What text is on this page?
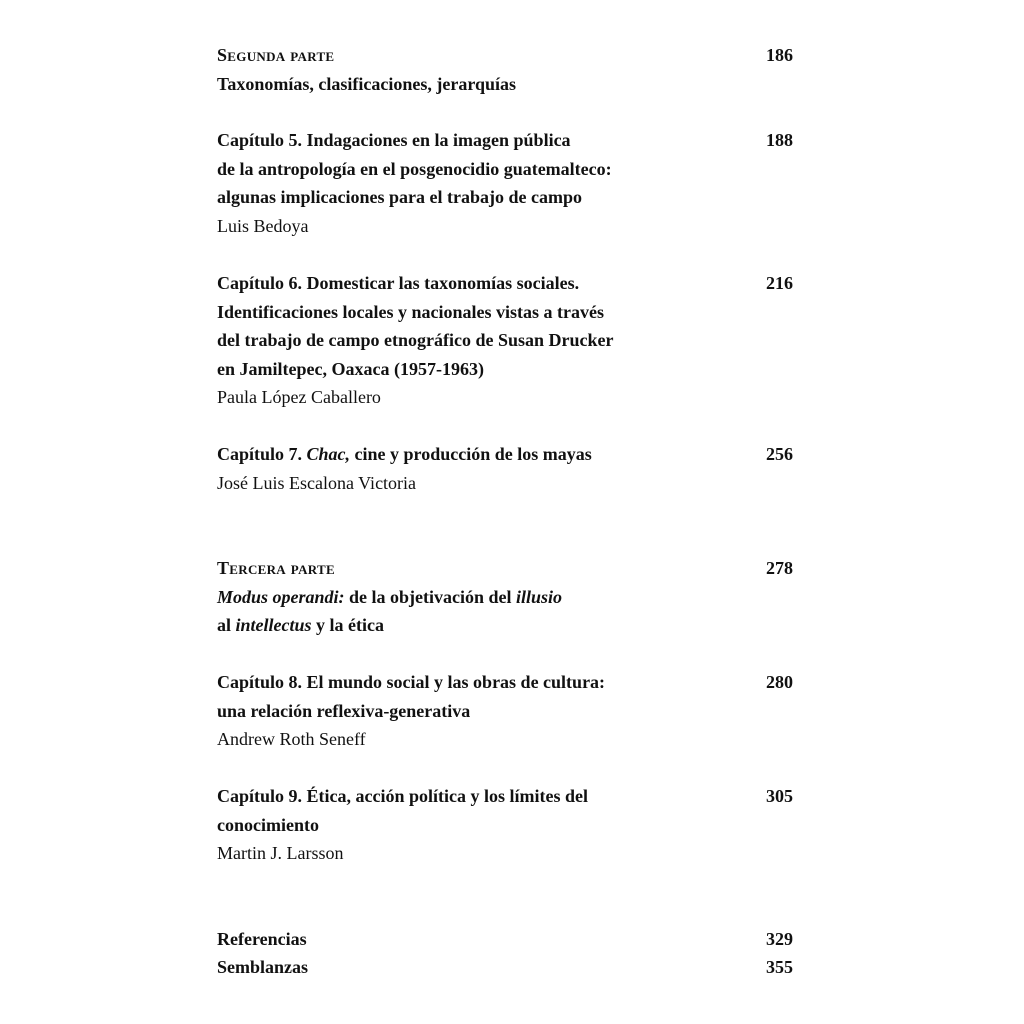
Segunda parte
Taxonomías, clasificaciones, jerarquías
186
Capítulo 5. Indagaciones en la imagen pública
de la antropología en el posgenocidio guatemalteco:
algunas implicaciones para el trabajo de campo
Luis Bedoya
188
Capítulo 6. Domesticar las taxonomías sociales.
Identificaciones locales y nacionales vistas a través
del trabajo de campo etnográfico de Susan Drucker
en Jamiltepec, Oaxaca (1957-1963)
Paula López Caballero
216
Capítulo 7. Chac, cine y producción de los mayas
José Luis Escalona Victoria
256
Tercera parte
Modus operandi: de la objetivación del illusio
al intellectus y la ética
278
Capítulo 8. El mundo social y las obras de cultura:
una relación reflexiva-generativa
Andrew Roth Seneff
280
Capítulo 9. Ética, acción política y los límites del
conocimiento
Martin J. Larsson
305
Referencias	329
Semblanzas	355
